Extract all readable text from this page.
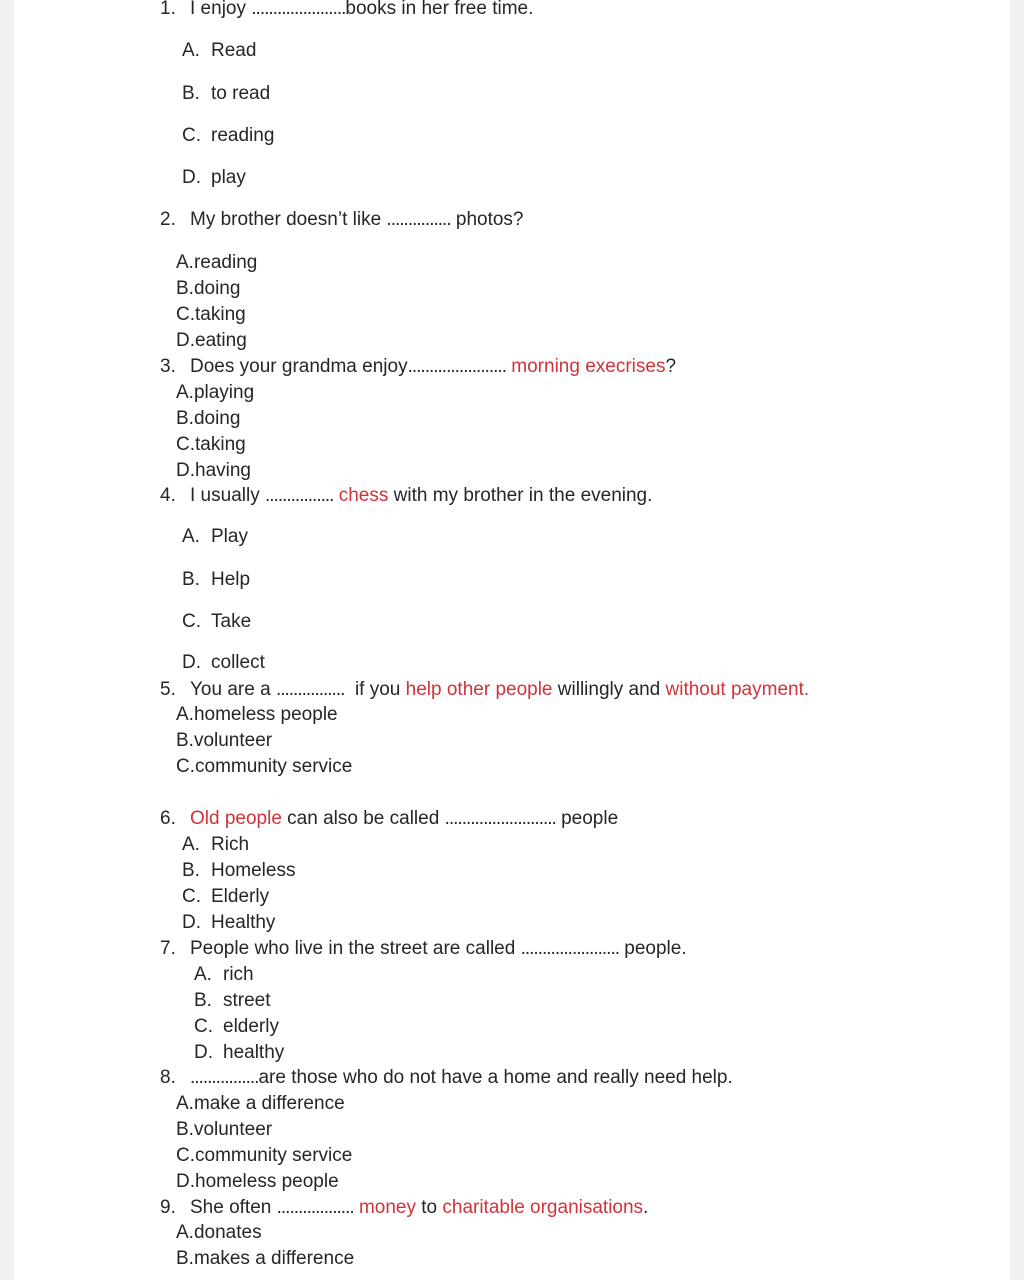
1. I enjoy ......................books in her free time.
A. Read
B. to read
C. reading
D. play
2. My brother doesn’t like ............... photos?
A.reading
B.doing
C.taking
D.eating
3. Does your grandma enjoy....................... morning execrises?
A.playing
B.doing
C.taking
D.having
4. I usually ................ chess with my brother in the evening.
A. Play
B. Help
C. Take
D. collect
5. You are a ................  if you help other people willingly and without payment.
A.homeless people
B.volunteer
C.community service
6. Old people can also be called .......................... people
A. Rich
B. Homeless
C. Elderly
D. Healthy
7. People who live in the street are called ....................... people.
A. rich
B. street
C. elderly
D. healthy
8. ................are those who do not have a home and really need help.
A.make a difference
B.volunteer
C.community service
D.homeless people
9. She often .................. money to charitable organisations.
A.donates
B.makes a difference
